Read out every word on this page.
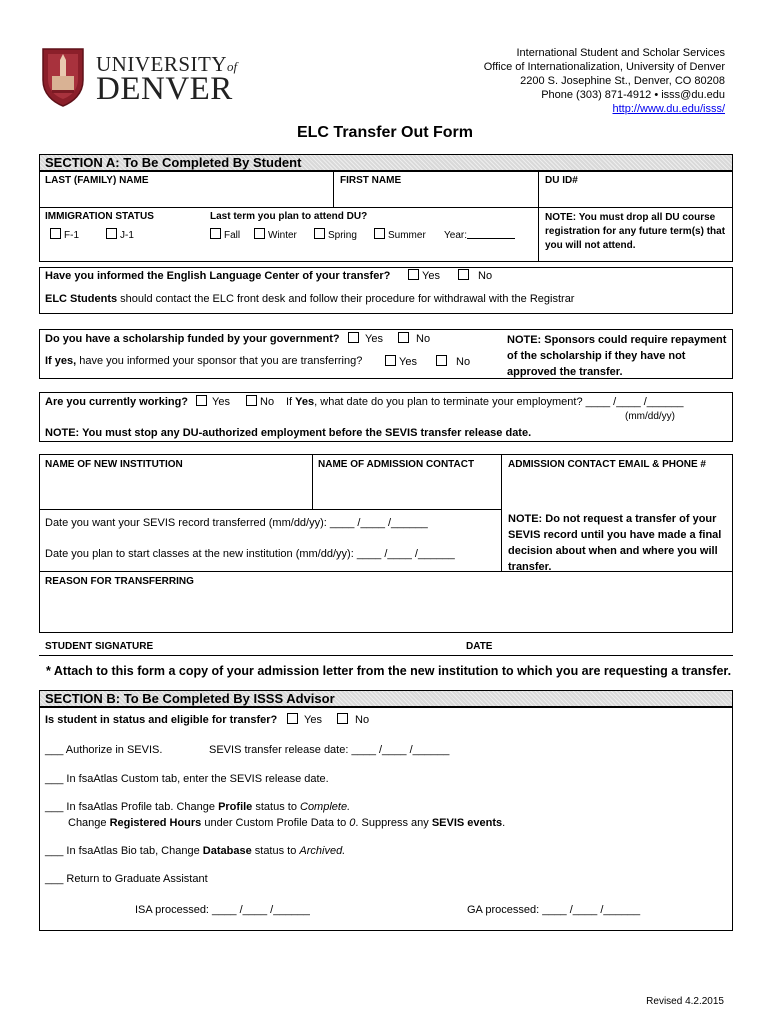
UNIVERSITYof
DENVER
International Student and Scholar Services
Office of Internationalization, University of Denver
2200 S. Josephine St., Denver, CO 80208
Phone (303) 871-4912 • isss@du.edu
http://www.du.edu/isss/
ELC Transfer Out Form
SECTION A: To Be Completed By Student
LAST (FAMILY) NAME	FIRST NAME	DU ID#
IMMIGRATION STATUS
F-1	J-1
Last term you plan to attend DU?
Fall	Winter	Spring	Summer Year:
NOTE: You must drop all DU course registration for any future term(s) that you will not attend.
Have you informed the English Language Center of your transfer?	Yes	No
ELC Students should contact the ELC front desk and follow their procedure for withdrawal with the Registrar
Do you have a scholarship funded by your government?	Yes	No
If yes, have you informed your sponsor that you are transferring?	Yes	No
NOTE: Sponsors could require repayment of the scholarship if they have not approved the transfer.
Are you currently working?	Yes	No If Yes, what date do you plan to terminate your employment? ____ /____ /______
(mm/dd/yy)
NOTE: You must stop any DU-authorized employment before the SEVIS transfer release date.
NAME OF NEW INSTITUTION	NAME OF ADMISSION CONTACT	ADMISSION CONTACT EMAIL & PHONE #
Date you want your SEVIS record transferred (mm/dd/yy): ____ /____ /______
Date you plan to start classes at the new institution (mm/dd/yy): ____ /____ /______
NOTE: Do not request a transfer of your SEVIS record until you have made a final decision about when and where you will transfer.
REASON FOR TRANSFERRING
STUDENT SIGNATURE	DATE
* Attach to this form a copy of your admission letter from the new institution to which you are requesting a transfer.
SECTION B: To Be Completed By ISSS Advisor
Is student in status and eligible for transfer?	Yes	No
___ Authorize in SEVIS.	SEVIS transfer release date: ____ /____ /______
___ In fsaAtlas Custom tab, enter the SEVIS release date.
___ In fsaAtlas Profile tab. Change Profile status to Complete.
Change Registered Hours under Custom Profile Data to 0. Suppress any SEVIS events.
___ In fsaAtlas Bio tab, Change Database status to Archived.
___ Return to Graduate Assistant
ISA processed: ____ /____ /______	GA processed: ____ /____ /______
Revised 4.2.2015
